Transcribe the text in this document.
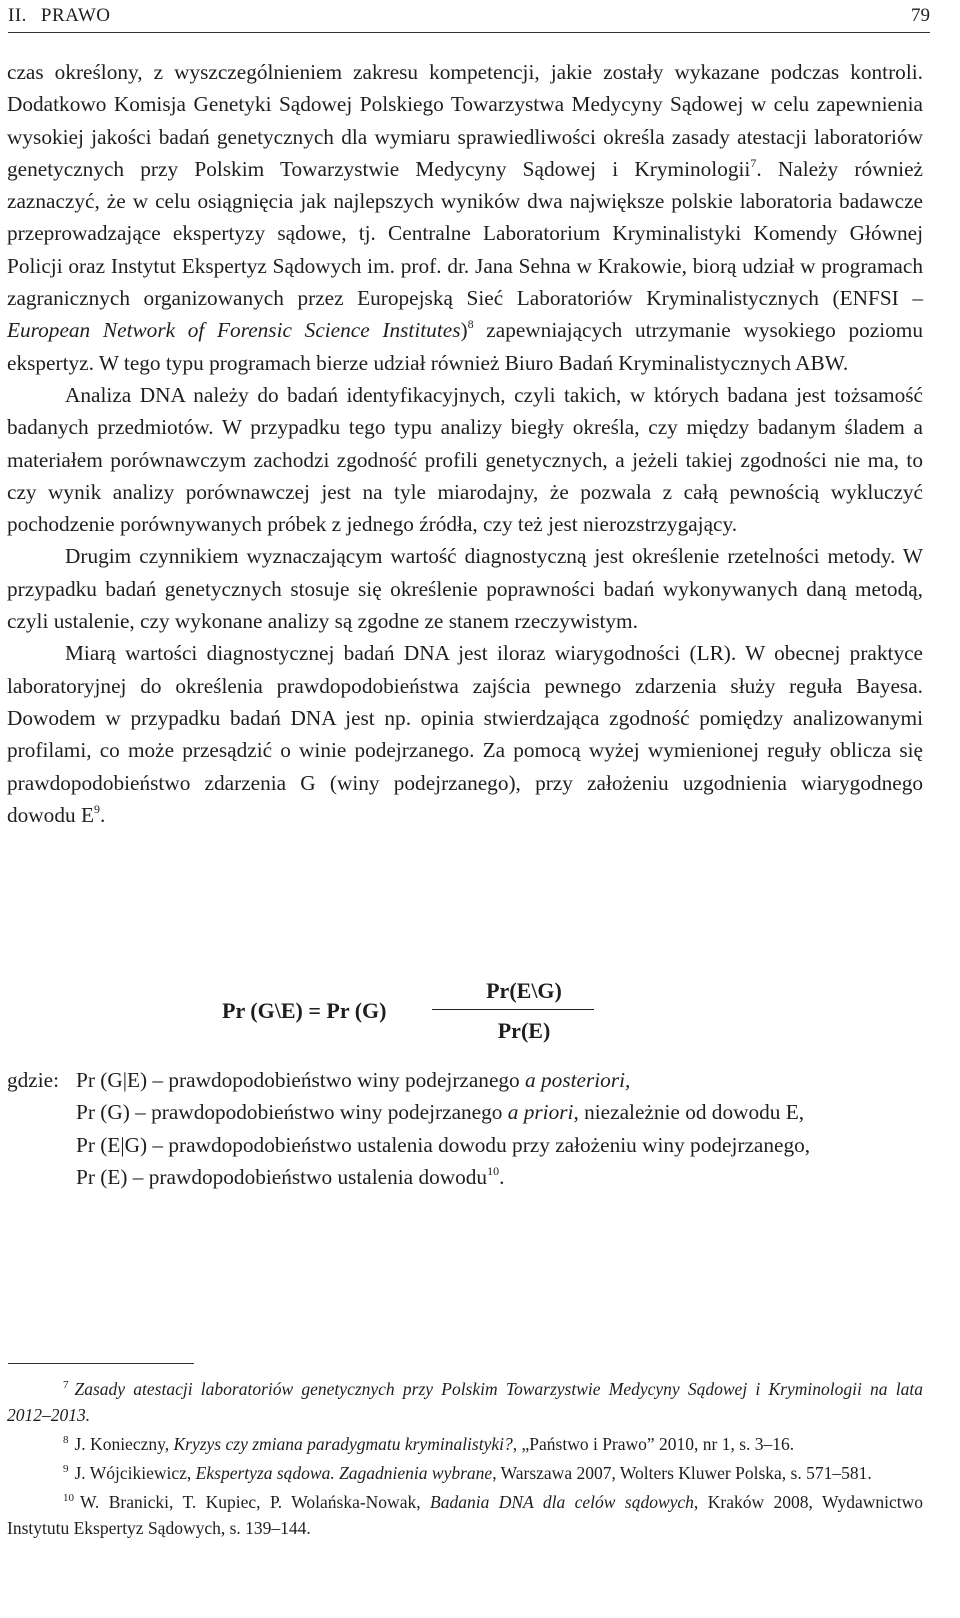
II. PRAWO	79

czas określony, z wyszczególnieniem zakresu kompetencji, jakie zostały wykazane podczas kontroli. Dodatkowo Komisja Genetyki Sądowej Polskiego Towarzystwa Medycyny Sądowej w celu zapewnienia wysokiej jakości badań genetycznych dla wymiaru sprawiedliwości określa zasady atestacji laboratoriów genetycznych przy Polskim Towarzystwie Medycyny Sądowej i Kryminologii$^7$. Należy również zaznaczyć, że w celu osiągnięcia jak najlepszych wyników dwa największe polskie laboratoria badawcze przeprowadzające ekspertyzy sądowe, tj. Centralne Laboratorium Kryminalistyki Komendy Głównej Policji oraz Instytut Ekspertyz Sądowych im. prof. dr. Jana Sehna w Krakowie, biorą udział w programach zagranicznych organizowanych przez Europejską Sieć Laboratoriów Kryminalistycznych (ENFSI – European Network of Forensic Science Institutes)$^8$ zapewniających utrzymanie wysokiego poziomu ekspertyz. W tego typu programach bierze udział również Biuro Badań Kryminalistycznych ABW.

Analiza DNA należy do badań identyfikacyjnych, czyli takich, w których badana jest tożsamość badanych przedmiotów. W przypadku tego typu analizy biegły określa, czy między badanym śladem a materiałem porównawczym zachodzi zgodność profili genetycznych, a jeżeli takiej zgodności nie ma, to czy wynik analizy porównawczej jest na tyle miarodajny, że pozwala z całą pewnością wykluczyć pochodzenie porównywanych próbek z jednego źródła, czy też jest nierozstrzygający.

Drugim czynnikiem wyznaczającym wartość diagnostyczną jest określenie rzetelności metody. W przypadku badań genetycznych stosuje się określenie poprawności badań wykonywanych daną metodą, czyli ustalenie, czy wykonane analizy są zgodne ze stanem rzeczywistym.

Miarą wartości diagnostycznej badań DNA jest iloraz wiarygodności (LR). W obecnej praktyce laboratoryjnej do określenia prawdopodobieństwa zajścia pewnego zdarzenia służy reguła Bayesa. Dowodem w przypadku badań DNA jest np. opinia stwierdzająca zgodność pomiędzy analizowanymi profilami, co może przesądzić o winie podejrzanego. Za pomocą wyżej wymienionej reguły oblicza się prawdopodobieństwo zdarzenia G (winy podejrzanego), przy założeniu uzgodnienia wiarygodnego dowodu $E^9$.

Pr (G\E) = Pr (G)
Pr(E\G)
Pr(E)
gdzie: Pr (G|E) – prawdopodobieństwo winy podejrzanego a posteriori,
Pr (G) – prawdopodobieństwo winy podejrzanego a priori, niezależnie od dowodu E,
Pr (E|G) – prawdopodobieństwo ustalenia dowodu przy założeniu winy podejrzanego,
Pr (E) – prawdopodobieństwo ustalenia dowodu$^{10}$.

$^7$ Zasady atestacji laboratoriów genetycznych przy Polskim Towarzystwie Medycyny Sądowej i Kryminologii na lata 2012–2013.

$^8$ J. Konieczny, Kryzys czy zmiana paradygmatu kryminalistyki?, „Państwo i Prawo” 2010, nr 1, s. 3–16.

$^9$ J. Wójcikiewicz, Ekspertyza sądowa. Zagadnienia wybrane, Warszawa 2007, Wolters Kluwer Polska, s. 571–581.

$^{10}$ W. Branicki, T. Kupiec, P. Wolańska-Nowak, Badania DNA dla celów sądowych, Kraków 2008, Wydawnictwo Instytutu Ekspertyz Sądowych, s. 139–144.
